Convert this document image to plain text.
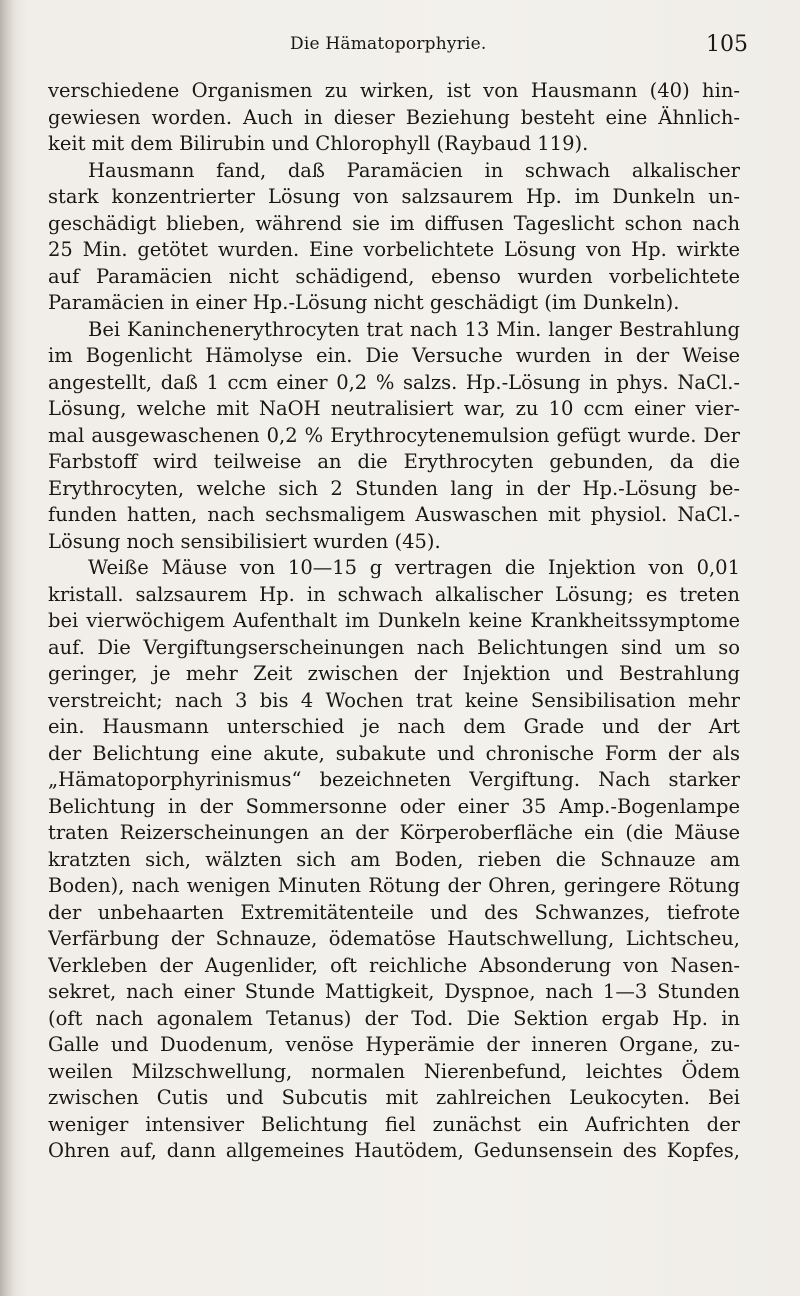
Die Hämatoporphyrie.	105
verschiedene Organismen zu wirken, ist von Hausmann (40) hin-
gewiesen worden. Auch in dieser Beziehung besteht eine Ähnlich-
keit mit dem Bilirubin und Chlorophyll (Raybaud 119).
Hausmann fand, daß Paramäcien in schwach alkalischer
stark konzentrierter Lösung von salzsaurem Hp. im Dunkeln un-
geschädigt blieben, während sie im diffusen Tageslicht schon nach
25 Min. getötet wurden. Eine vorbelichtete Lösung von Hp. wirkte
auf Paramäcien nicht schädigend, ebenso wurden vorbelichtete
Paramäcien in einer Hp.-Lösung nicht geschädigt (im Dunkeln).
Bei Kaninchenerythrocyten trat nach 13 Min. langer Bestrahlung
im Bogenlicht Hämolyse ein. Die Versuche wurden in der Weise
angestellt, daß 1 ccm einer 0,2 % salzs. Hp.-Lösung in phys. NaCl.-
Lösung, welche mit NaOH neutralisiert war, zu 10 ccm einer vier-
mal ausgewaschenen 0,2 % Erythrocytenemulsion gefügt wurde. Der
Farbstoff wird teilweise an die Erythrocyten gebunden, da die
Erythrocyten, welche sich 2 Stunden lang in der Hp.-Lösung be-
funden hatten, nach sechsmaligem Auswaschen mit physiol. NaCl.-
Lösung noch sensibilisiert wurden (45).
Weiße Mäuse von 10—15 g vertragen die Injektion von 0,01
kristall. salzsaurem Hp. in schwach alkalischer Lösung; es treten
bei vierwöchigem Aufenthalt im Dunkeln keine Krankheitssymptome
auf. Die Vergiftungserscheinungen nach Belichtungen sind um so
geringer, je mehr Zeit zwischen der Injektion und Bestrahlung
verstreicht; nach 3 bis 4 Wochen trat keine Sensibilisation mehr
ein. Hausmann unterschied je nach dem Grade und der Art
der Belichtung eine akute, subakute und chronische Form der als
„Hämatoporphyrinismus“ bezeichneten Vergiftung. Nach starker
Belichtung in der Sommersonne oder einer 35 Amp.-Bogenlampe
traten Reizerscheinungen an der Körperoberfläche ein (die Mäuse
kratzten sich, wälzten sich am Boden, rieben die Schnauze am
Boden), nach wenigen Minuten Rötung der Ohren, geringere Rötung
der unbehaarten Extremitätenteile und des Schwanzes, tiefrote
Verfärbung der Schnauze, ödematöse Hautschwellung, Lichtscheu,
Verkleben der Augenlider, oft reichliche Absonderung von Nasen-
sekret, nach einer Stunde Mattigkeit, Dyspnoe, nach 1—3 Stunden
(oft nach agonalem Tetanus) der Tod. Die Sektion ergab Hp. in
Galle und Duodenum, venöse Hyperämie der inneren Organe, zu-
weilen Milzschwellung, normalen Nierenbefund, leichtes Ödem
zwischen Cutis und Subcutis mit zahlreichen Leukocyten. Bei
weniger intensiver Belichtung fiel zunächst ein Aufrichten der
Ohren auf, dann allgemeines Hautödem, Gedunsensein des Kopfes,
